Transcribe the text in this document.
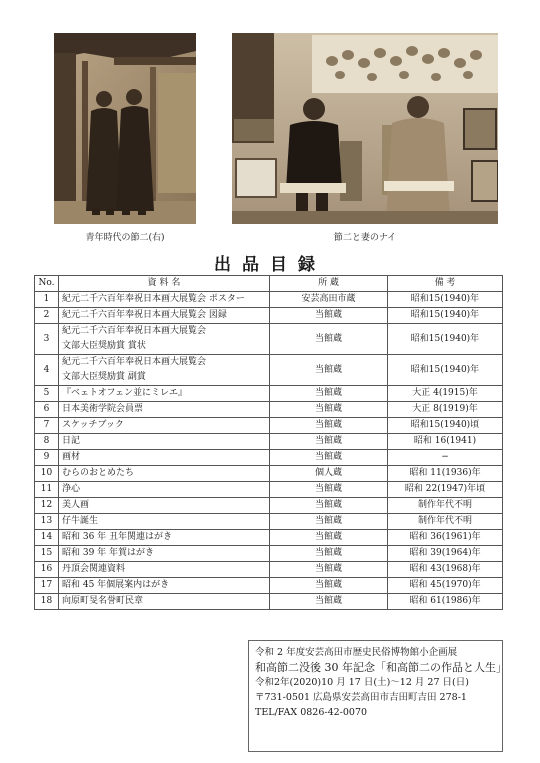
青年時代の節二(右)	節二と妻のナイ
出品目録
No.	資 料 名	所 蔵	備 考
1	紀元二千六百年奉祝日本画大展覧会 ポスター	安芸高田市蔵	昭和15(1940)年
2	紀元二千六百年奉祝日本画大展覧会 図録	当館蔵	昭和15(1940)年
3	紀元二千六百年奉祝日本画大展覧会
文部大臣奨励賞 賞状	当館蔵	昭和15(1940)年
4	紀元二千六百年奉祝日本画大展覧会
文部大臣奨励賞 副賞	当館蔵	昭和15(1940)年
5	『ベェトオフェン並にミレエ』	当館蔵	大正 4(1915)年
6	日本美術学院会員票	当館蔵	大正 8(1919)年
7	スケッチブック	当館蔵	昭和15(1940)頃
8	日記	当館蔵	昭和 16(1941)
9	画材	当館蔵	−
10	むらのおとめたち	個人蔵	昭和 11(1936)年
11	浄心	当館蔵	昭和 22(1947)年頃
12	美人画	当館蔵	制作年代不明
13	仔牛誕生	当館蔵	制作年代不明
14	昭和 36 年 丑年関連はがき	当館蔵	昭和 36(1961)年
15	昭和 39 年 年賀はがき	当館蔵	昭和 39(1964)年
16	丹頂会関連資料	当館蔵	昭和 43(1968)年
17	昭和 45 年個展案内はがき	当館蔵	昭和 45(1970)年
18	向原町旻名誉町民章	当館蔵	昭和 61(1986)年
令和 2 年度安芸高田市歴史民俗博物館小企画展
和高節二没後 30 年記念「和高節二の作品と人生」
令和2年(2020)10 月 17 日(土)～12 月 27 日(日)
〒731-0501 広島県安芸高田市吉田町吉田 278-1
TEL/FAX 0826-42-0070
